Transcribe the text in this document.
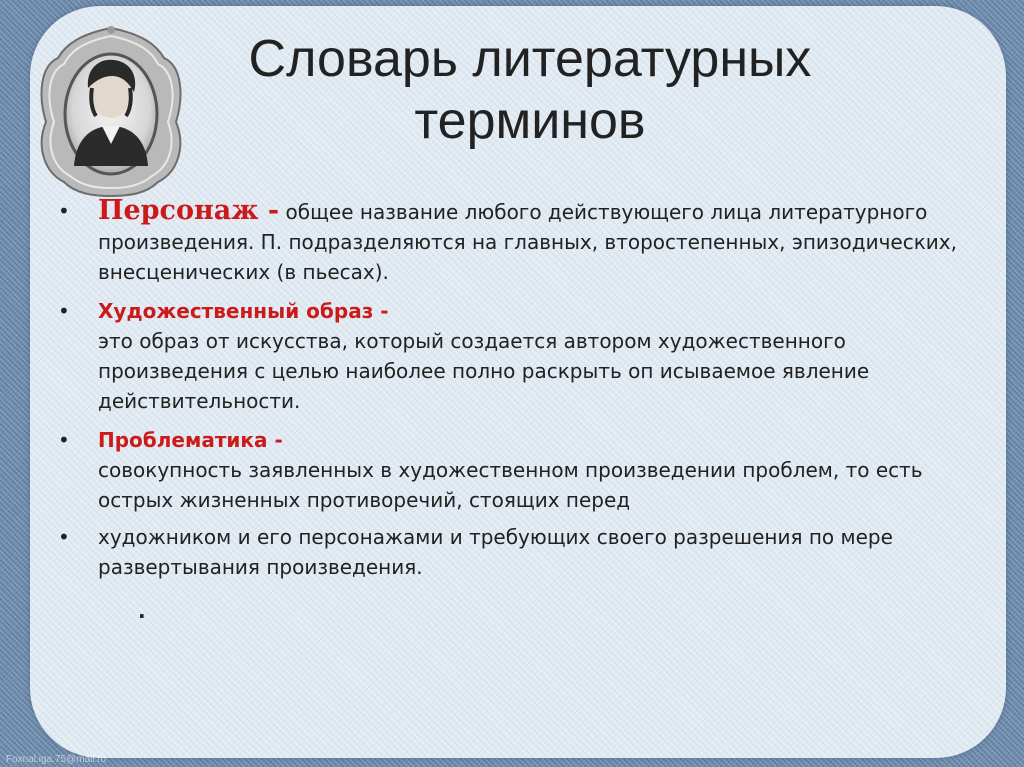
Словарь литературных терминов
• Персонаж - общее название любого действующего лица литературного произведения. П. подразделяются на главных, второстепенных, эпизодических, внесценических (в пьесах).
• Художественный образ -
это образ от искусства, который создается автором художественного произведения с целью наиболее полно раскрыть оп исываемое явление действительности.
• Проблематика -
совокупность заявленных в художественном произведении проблем, то есть острых жизненных противоречий, стоящих перед
• художником и его персонажами и требующих своего разрешения по мере развертывания произведения.
.
Foxnal.iga.75@mail.ru
